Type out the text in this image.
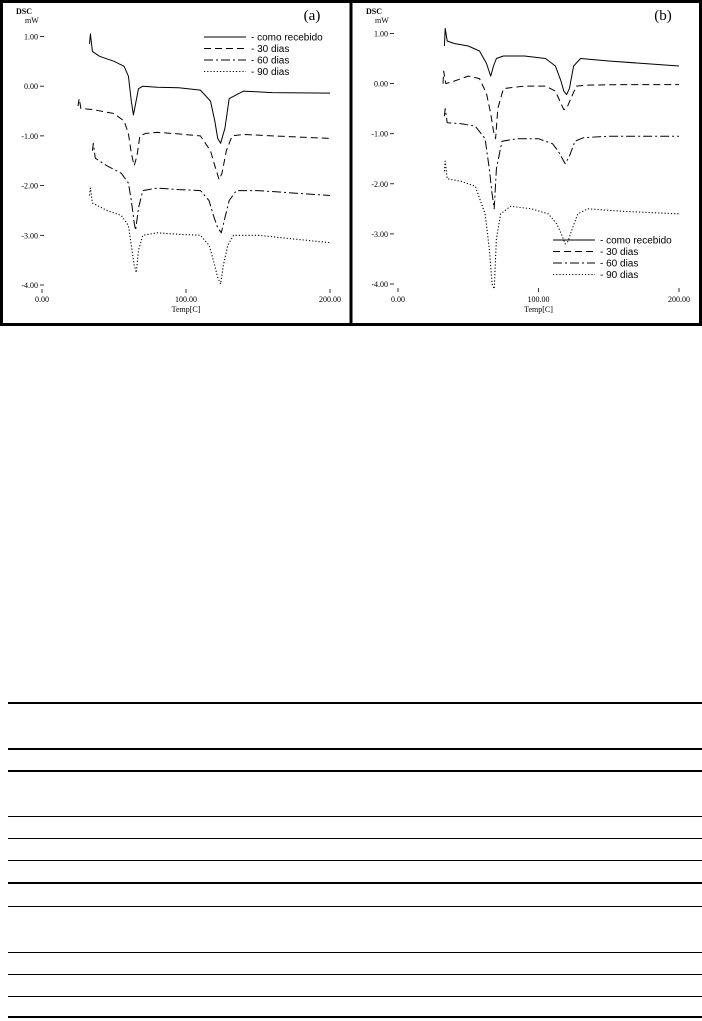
DSC
mW	(a)
1.00
0.00
-1.00
-2.00
-3.00
-4.00
0.00	100.00	200.00
Temp[C]
- como recebido
- 30 dias
- 60 dias
- 90 dias
DSC
mW	(b)
1.00
0.00
-1.00
-2.00
-3.00
-4.00
0.00	100.00	200.00
Temp[C]
- como recebido
- 30 dias
- 60 dias
- 90 dias
